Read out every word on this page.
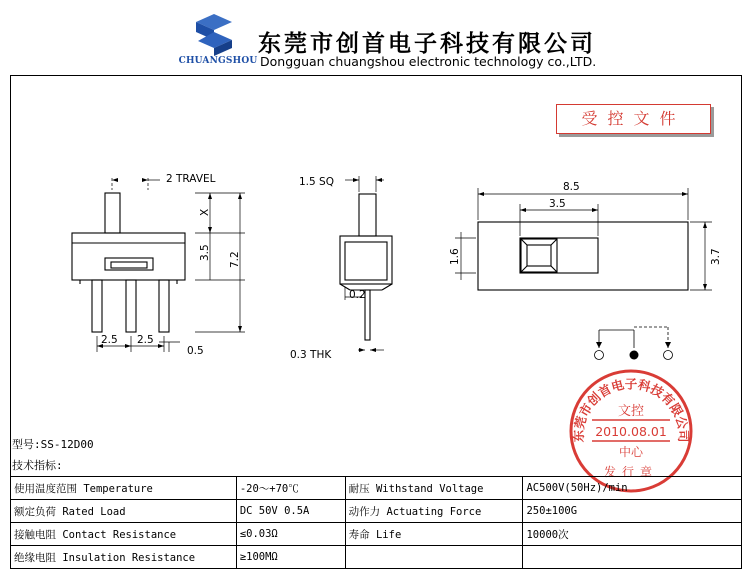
CHUANGSHOU
东莞市创首电子科技有限公司
Dongguan chuangshou electronic technology co.,LTD.
受控文件
2 TRAVEL
X
3.5 7.2
2.5 2.5
0.5
1.5 SQ
0.2
0.3 THK
8.5
3.5
1.6	3.7
东莞市创首电子科技有限公司
文控
2010.08.01
中心
发行章
型号:SS-12D00
技术指标:
使用温度范围 Temperature	-20～+70℃	耐压 Withstand Voltage	AC500V(50Hz)/min
额定负荷 Rated Load	DC 50V 0.5A	动作力 Actuating Force	250±100G
接触电阻 Contact Resistance	≤0.03Ω	寿命 Life	10000次
绝缘电阻 Insulation Resistance	≥100MΩ		
